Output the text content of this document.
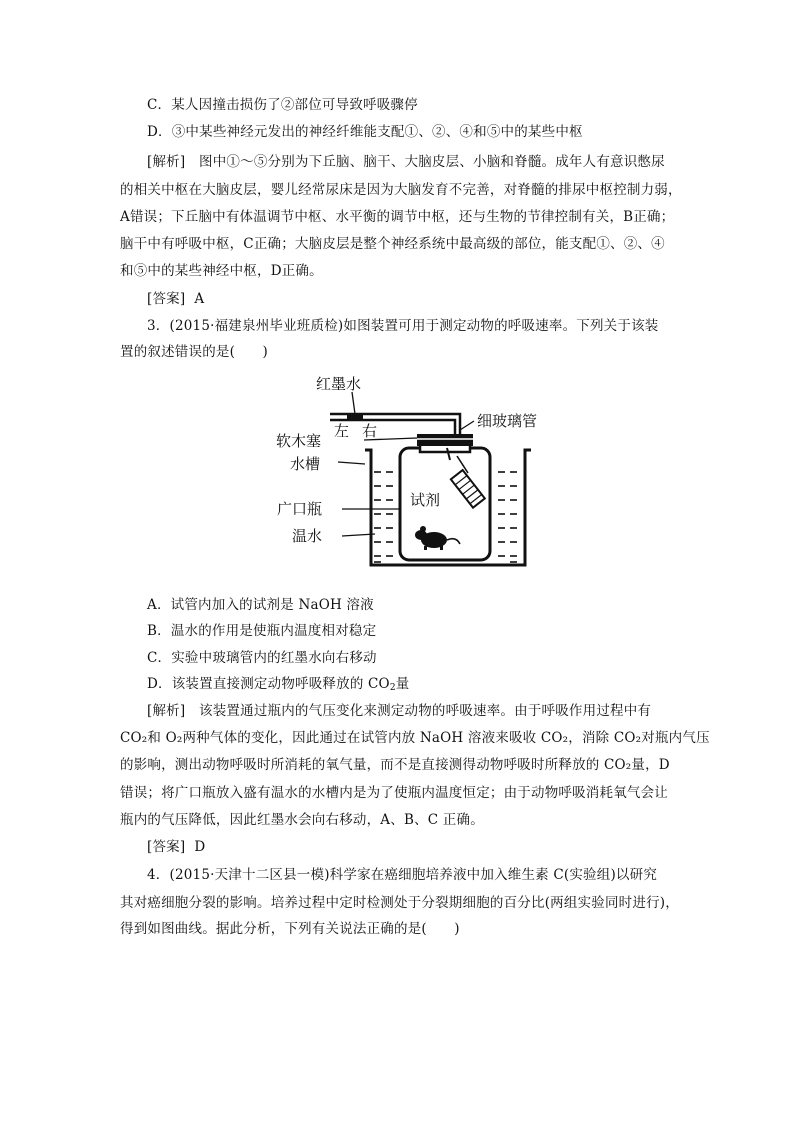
C．某人因撞击损伤了②部位可导致呼吸骤停
D．③中某些神经元发出的神经纤维能支配①、②、④和⑤中的某些中枢
[解析]　图中①～⑤分别为下丘脑、脑干、大脑皮层、小脑和脊髓。成年人有意识憋尿
的相关中枢在大脑皮层，婴儿经常尿床是因为大脑发育不完善，对脊髓的排尿中枢控制力弱，
A错误；下丘脑中有体温调节中枢、水平衡的调节中枢，还与生物的节律控制有关，B正确；
脑干中有呼吸中枢，C正确；大脑皮层是整个神经系统中最高级的部位，能支配①、②、④
和⑤中的某些神经中枢，D正确。
[答案] A
3．(2015·福建泉州毕业班质检)如图装置可用于测定动物的呼吸速率。下列关于该装
置的叙述错误的是(　　)
红墨水
左 右
细玻璃管
软木塞
水槽
试剂
广口瓶
温水
A．试管内加入的试剂是 NaOH 溶液
B．温水的作用是使瓶内温度相对稳定
C．实验中玻璃管内的红墨水向右移动
D．该装置直接测定动物呼吸释放的 $CO_2$量
[解析]　该装置通过瓶内的气压变化来测定动物的呼吸速率。由于呼吸作用过程中有
CO₂和 O₂两种气体的变化，因此通过在试管内放 NaOH 溶液来吸收 CO₂，消除 CO₂对瓶内气压
的影响，测出动物呼吸时所消耗的氧气量，而不是直接测得动物呼吸时所释放的 CO₂量，D
错误；将广口瓶放入盛有温水的水槽内是为了使瓶内温度恒定；由于动物呼吸消耗氧气会让
瓶内的气压降低，因此红墨水会向右移动，A、B、C 正确。
[答案] D
4．(2015·天津十二区县一模)科学家在癌细胞培养液中加入维生素 C(实验组)以研究
其对癌细胞分裂的影响。培养过程中定时检测处于分裂期细胞的百分比(两组实验同时进行)，
得到如图曲线。据此分析，下列有关说法正确的是(　　)
